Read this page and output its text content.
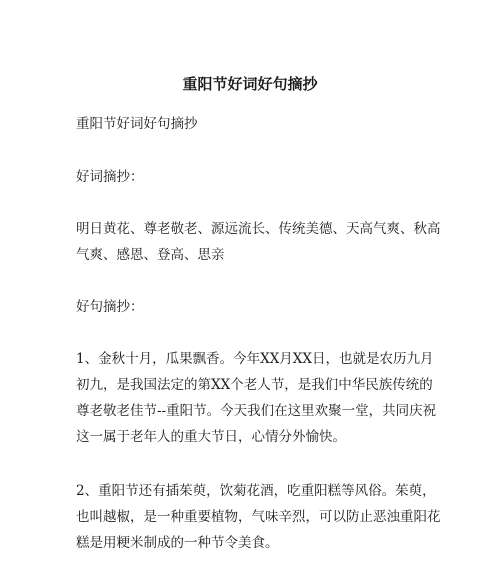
重阳节好词好句摘抄

重阳节好词好句摘抄

好词摘抄：

明日黄花、尊老敬老、源远流长、传统美德、天高气爽、秋高气爽、感恩、登高、思亲

好句摘抄：

1、金秋十月，瓜果飘香。今年XX月XX日，也就是农历九月初九，是我国法定的第XX个老人节，是我们中华民族传统的尊老敬老佳节--重阳节。今天我们在这里欢聚一堂，共同庆祝这一属于老年人的重大节日，心情分外愉快。

2、重阳节还有插茱萸，饮菊花酒，吃重阳糕等风俗。茱萸，也叫越椒，是一种重要植物，气味辛烈，可以防止恶浊重阳花糕是用粳米制成的一种节令美食。
